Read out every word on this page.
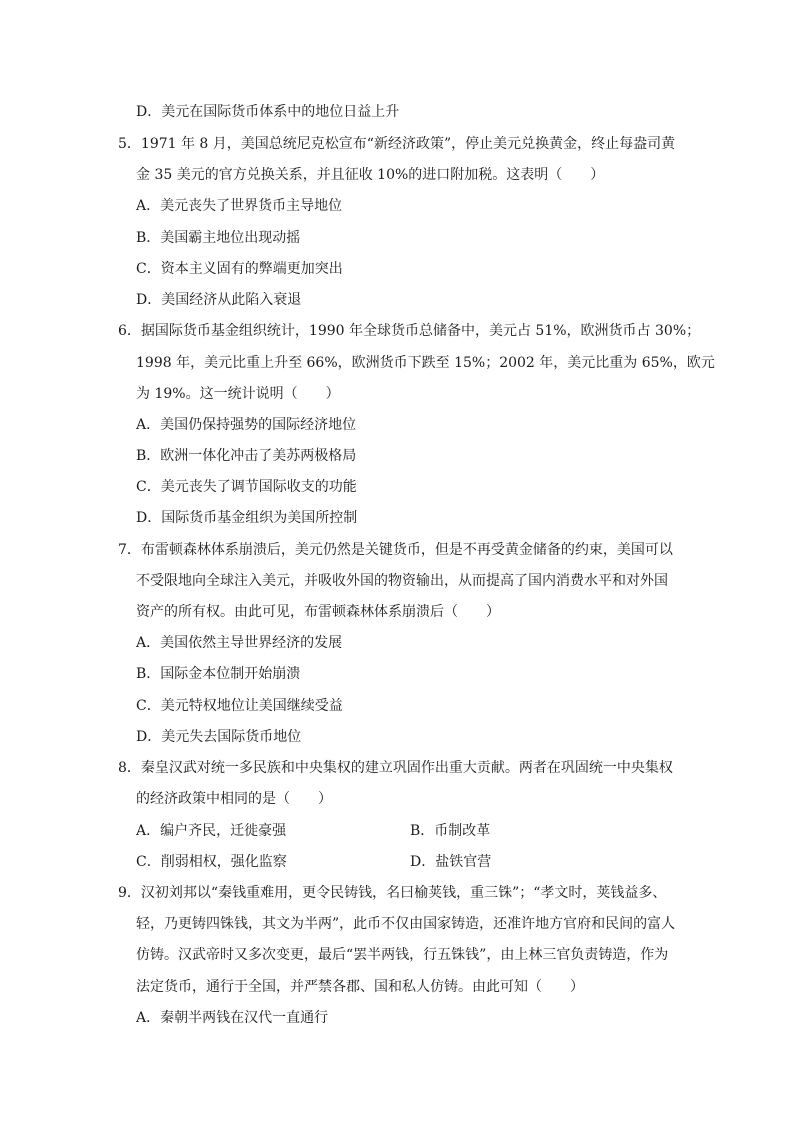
D．美元在国际货币体系中的地位日益上升
5．1971 年 8 月，美国总统尼克松宣布“新经济政策”，停止美元兑换黄金，终止每盎司黄
金 35 美元的官方兑换关系，并且征收 10%的进口附加税。这表明（　　）
A．美元丧失了世界货币主导地位
B．美国霸主地位出现动摇
C．资本主义固有的弊端更加突出
D．美国经济从此陷入衰退
6．据国际货币基金组织统计，1990 年全球货币总储备中，美元占 51%，欧洲货币占 30%；
1998 年，美元比重上升至 66%，欧洲货币下跌至 15%；2002 年，美元比重为 65%，欧元
为 19%。这一统计说明（　　）
A．美国仍保持强势的国际经济地位
B．欧洲一体化冲击了美苏两极格局
C．美元丧失了调节国际收支的功能
D．国际货币基金组织为美国所控制
7．布雷顿森林体系崩溃后，美元仍然是关键货币，但是不再受黄金储备的约束，美国可以
不受限地向全球注入美元，并吸收外国的物资输出，从而提高了国内消费水平和对外国
资产的所有权。由此可见，布雷顿森林体系崩溃后（　　）
A．美国依然主导世界经济的发展
B．国际金本位制开始崩溃
C．美元特权地位让美国继续受益
D．美元失去国际货币地位
8．秦皇汉武对统一多民族和中央集权的建立巩固作出重大贡献。两者在巩固统一中央集权
的经济政策中相同的是（　　）
A．编户齐民，迁徙豪强	B．币制改革
C．削弱相权，强化监察	D．盐铁官营
9．汉初刘邦以“秦钱重难用，更令民铸钱，名曰榆荚钱，重三铢”；“孝文时，荚钱益多、
轻，乃更铸四铢钱，其文为半两”，此币不仅由国家铸造，还准许地方官府和民间的富人
仿铸。汉武帝时又多次变更，最后“罢半两钱，行五铢钱”，由上林三官负责铸造，作为
法定货币，通行于全国，并严禁各郡、国和私人仿铸。由此可知（　　）
A．秦朝半两钱在汉代一直通行
